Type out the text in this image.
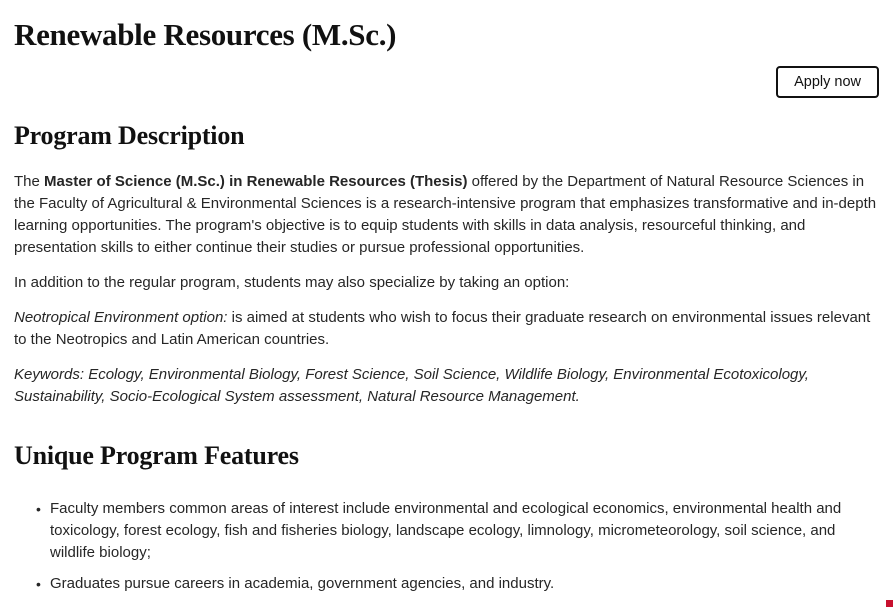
Renewable Resources (M.Sc.)
Apply now
Program Description

The Master of Science (M.Sc.) in Renewable Resources (Thesis) offered by the Department of Natural Resource Sciences in the Faculty of Agricultural & Environmental Sciences is a research-intensive program that emphasizes transformative and in-depth learning opportunities. The program's objective is to equip students with skills in data analysis, resourceful thinking, and presentation skills to either continue their studies or pursue professional opportunities.

In addition to the regular program, students may also specialize by taking an option:

Neotropical Environment option: is aimed at students who wish to focus their graduate research on environmental issues relevant to the Neotropics and Latin American countries.

Keywords: Ecology, Environmental Biology, Forest Science, Soil Science, Wildlife Biology, Environmental Ecotoxicology, Sustainability, Socio-Ecological System assessment, Natural Resource Management.

Unique Program Features
• Faculty members common areas of interest include environmental and ecological economics, environmental health and toxicology, forest ecology, fish and fisheries biology, landscape ecology, limnology, micrometeorology, soil science, and wildlife biology;
• Graduates pursue careers in academia, government agencies, and industry.
